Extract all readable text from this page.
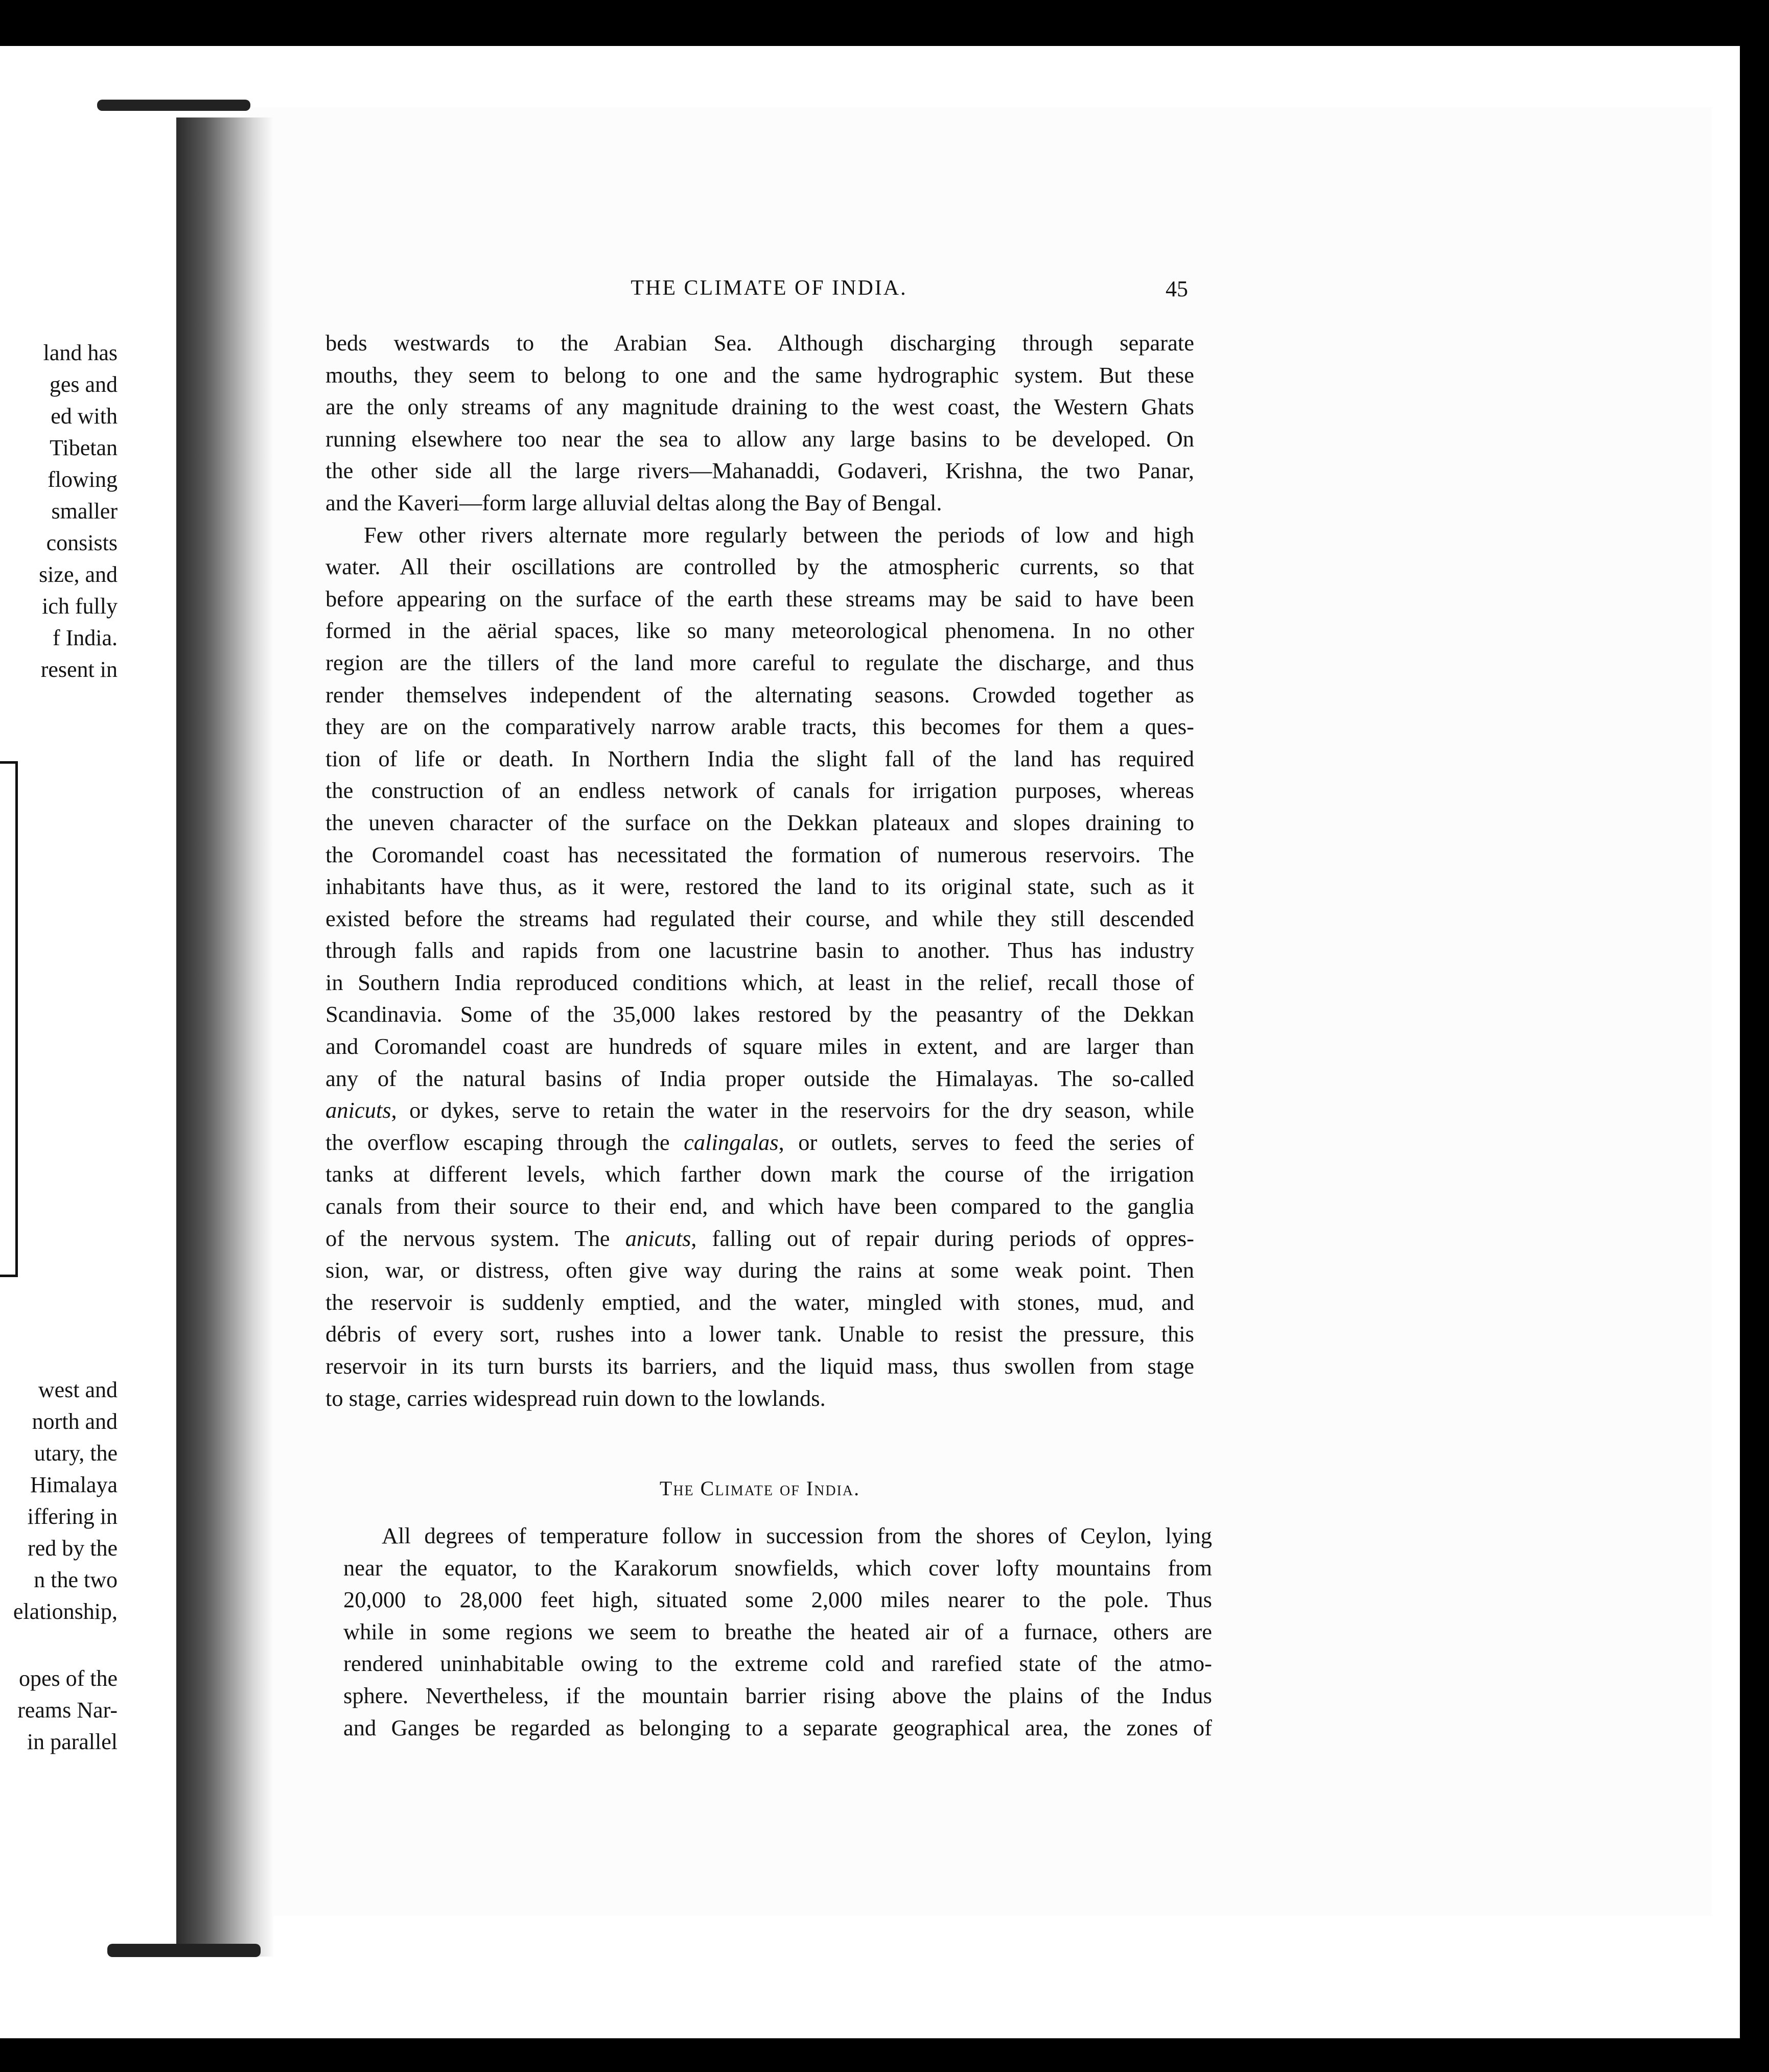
land has
ges and
ed with
Tibetan
flowing
smaller
consists
size, and
ich fully
f India.
resent in
west and
north and
utary, the
Himalaya
iffering in
red by the
n the two
elationship,
opes of the
reams Nar-
in parallel
THE CLIMATE OF INDIA.	45
beds westwards to the Arabian Sea. Although discharging through separate
mouths, they seem to belong to one and the same hydrographic system. But these
are the only streams of any magnitude draining to the west coast, the Western Ghats
running elsewhere too near the sea to allow any large basins to be developed. On
the other side all the large rivers—Mahanaddi, Godaveri, Krishna, the two Panar,
and the Kaveri—form large alluvial deltas along the Bay of Bengal.
Few other rivers alternate more regularly between the periods of low and high
water. All their oscillations are controlled by the atmospheric currents, so that
before appearing on the surface of the earth these streams may be said to have been
formed in the aërial spaces, like so many meteorological phenomena. In no other
region are the tillers of the land more careful to regulate the discharge, and thus
render themselves independent of the alternating seasons. Crowded together as
they are on the comparatively narrow arable tracts, this becomes for them a ques-
tion of life or death. In Northern India the slight fall of the land has required
the construction of an endless network of canals for irrigation purposes, whereas
the uneven character of the surface on the Dekkan plateaux and slopes draining to
the Coromandel coast has necessitated the formation of numerous reservoirs. The
inhabitants have thus, as it were, restored the land to its original state, such as it
existed before the streams had regulated their course, and while they still descended
through falls and rapids from one lacustrine basin to another. Thus has industry
in Southern India reproduced conditions which, at least in the relief, recall those of
Scandinavia. Some of the 35,000 lakes restored by the peasantry of the Dekkan
and Coromandel coast are hundreds of square miles in extent, and are larger than
any of the natural basins of India proper outside the Himalayas. The so-called
anicuts, or dykes, serve to retain the water in the reservoirs for the dry season, while
the overflow escaping through the calingalas, or outlets, serves to feed the series of
tanks at different levels, which farther down mark the course of the irrigation
canals from their source to their end, and which have been compared to the ganglia
of the nervous system. The anicuts, falling out of repair during periods of oppres-
sion, war, or distress, often give way during the rains at some weak point. Then
the reservoir is suddenly emptied, and the water, mingled with stones, mud, and
débris of every sort, rushes into a lower tank. Unable to resist the pressure, this
reservoir in its turn bursts its barriers, and the liquid mass, thus swollen from stage
to stage, carries widespread ruin down to the lowlands.
The Climate of India.
All degrees of temperature follow in succession from the shores of Ceylon, lying
near the equator, to the Karakorum snowfields, which cover lofty mountains from
20,000 to 28,000 feet high, situated some 2,000 miles nearer to the pole. Thus
while in some regions we seem to breathe the heated air of a furnace, others are
rendered uninhabitable owing to the extreme cold and rarefied state of the atmo-
sphere. Nevertheless, if the mountain barrier rising above the plains of the Indus
and Ganges be regarded as belonging to a separate geographical area, the zones of
